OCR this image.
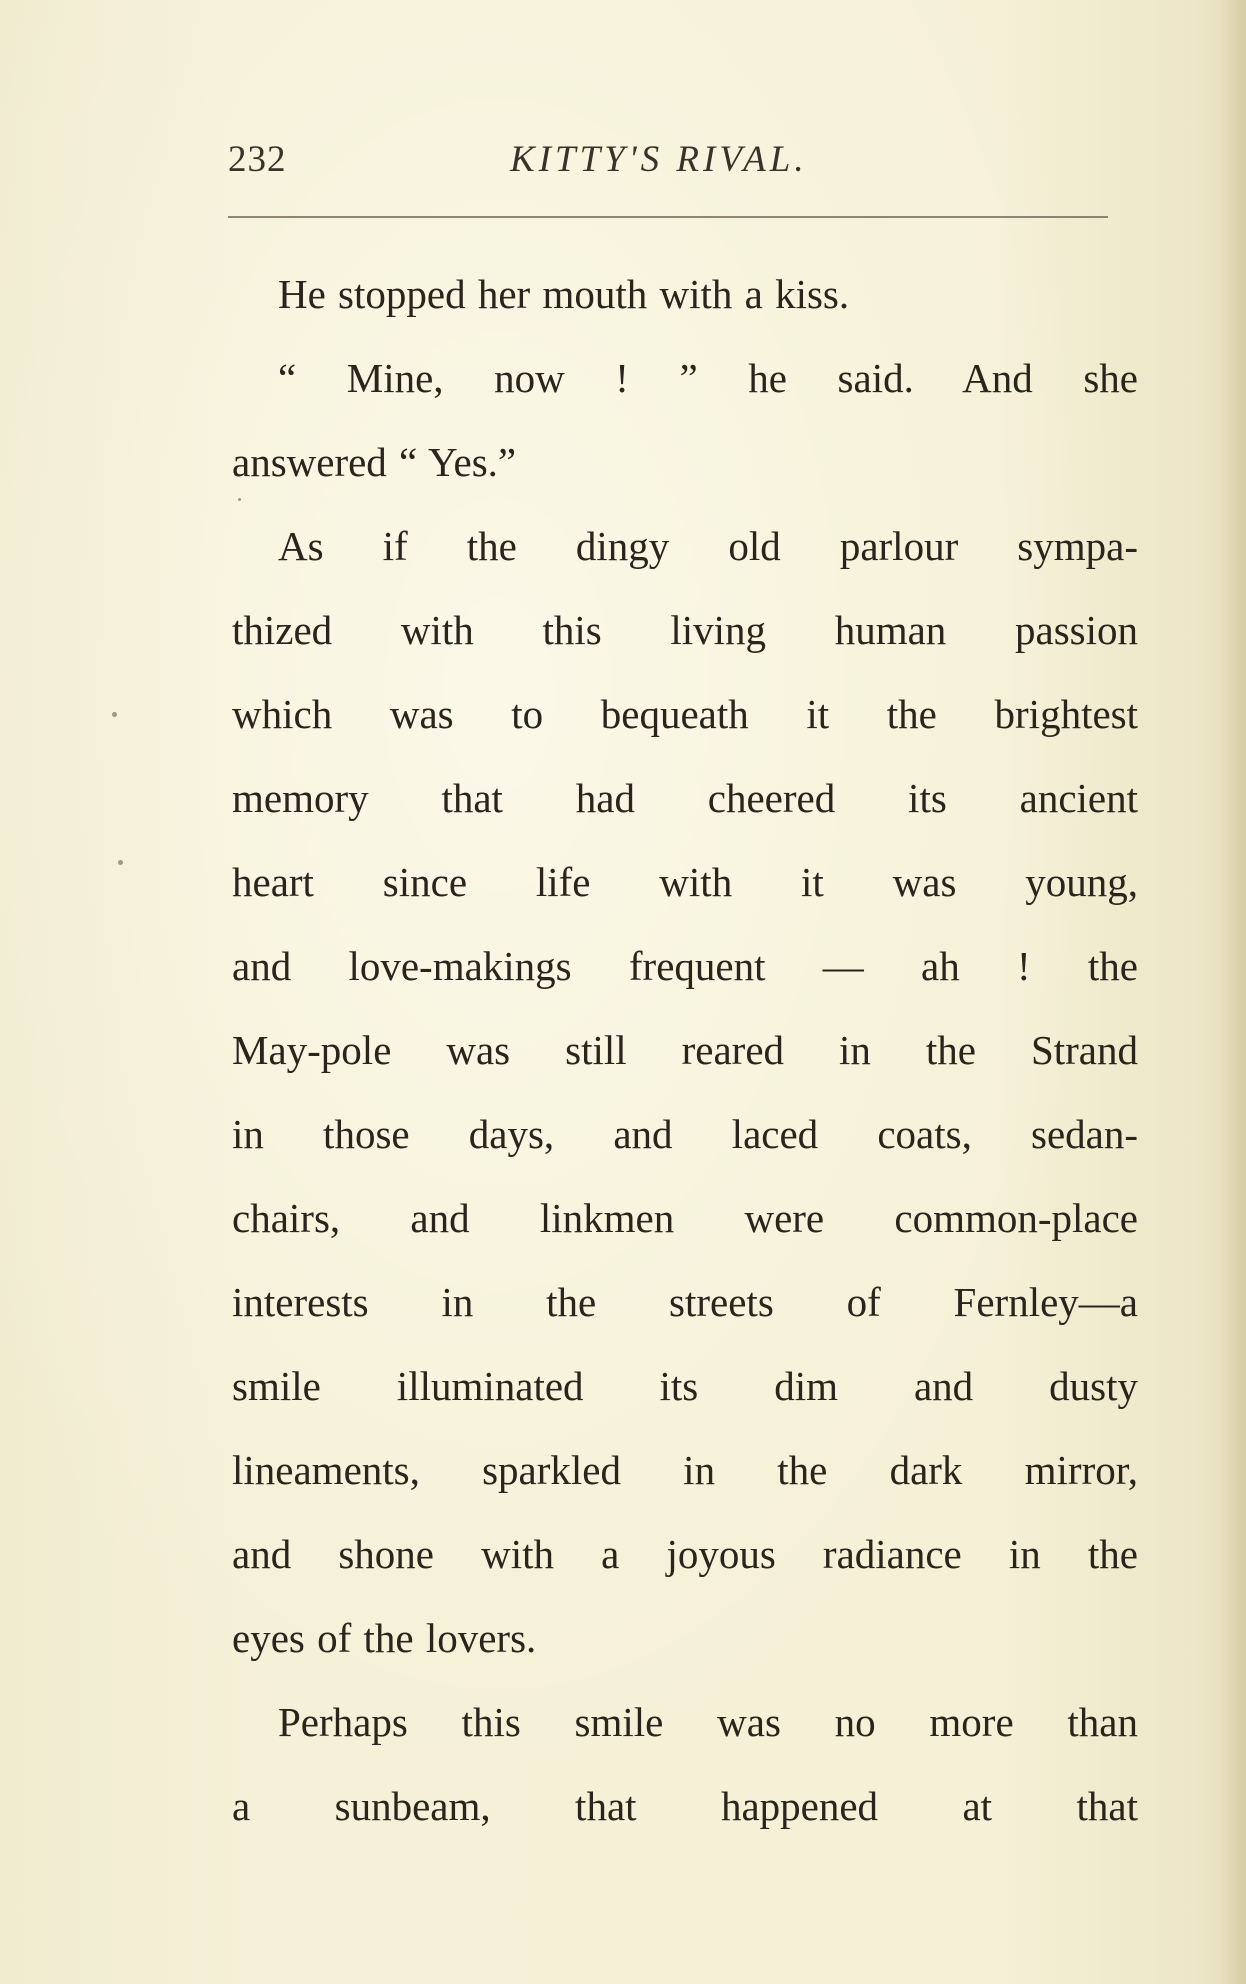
232	KITTY'S RIVAL.
He stopped her mouth with a kiss.
“ Mine, now ! ” he said. And she
answered “ Yes.”
As if the dingy old parlour sympa-
thized with this living human passion
which was to bequeath it the brightest
memory that had cheered its ancient
heart since life with it was young,
and love-makings frequent — ah ! the
May-pole was still reared in the Strand
in those days, and laced coats, sedan-
chairs, and linkmen were common-place
interests in the streets of Fernley—a
smile illuminated its dim and dusty
lineaments, sparkled in the dark mirror,
and shone with a joyous radiance in the
eyes of the lovers.
Perhaps this smile was no more than
a sunbeam, that happened at that
